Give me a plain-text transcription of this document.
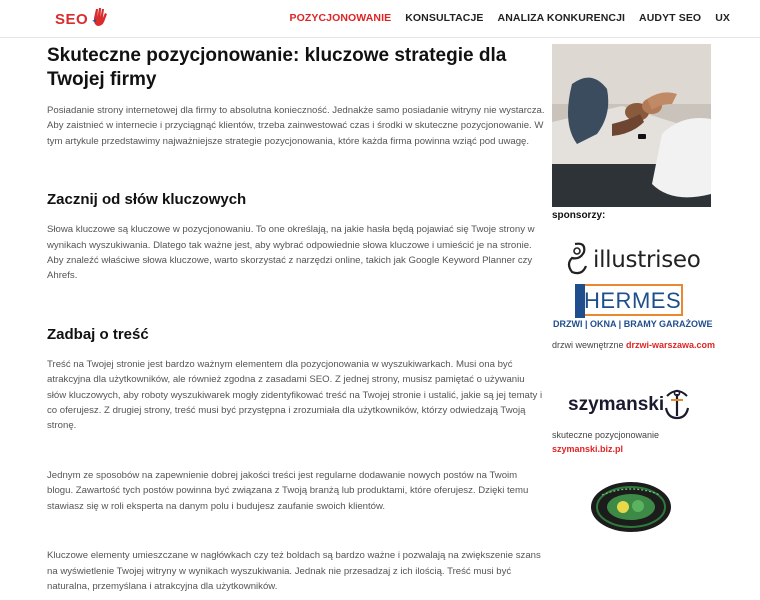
SEO	POZYCJONOWANIE KONSULTACJE ANALIZA KONKURENCJI AUDYT SEO UX
Skuteczne pozycjonowanie: kluczowe strategie dla Twojej firmy

Posiadanie strony internetowej dla firmy to absolutna konieczność. Jednakże samo posiadanie witryny nie wystarcza. Aby zaistnieć w internecie i przyciągnąć klientów, trzeba zainwestować czas i środki w skuteczne pozycjonowanie. W tym artykule przedstawimy najważniejsze strategie pozycjonowania, które każda firma powinna wziąć pod uwagę.

Zacznij od słów kluczowych

Słowa kluczowe są kluczowe w pozycjonowaniu. To one określają, na jakie hasła będą pojawiać się Twoje strony w wynikach wyszukiwania. Dlatego tak ważne jest, aby wybrać odpowiednie słowa kluczowe i umieścić je na stronie. Aby znaleźć właściwe słowa kluczowe, warto skorzystać z narzędzi online, takich jak Google Keyword Planner czy Ahrefs.

Zadbaj o treść

Treść na Twojej stronie jest bardzo ważnym elementem dla pozycjonowania w wyszukiwarkach. Musi ona być atrakcyjna dla użytkowników, ale również zgodna z zasadami SEO. Z jednej strony, musisz pamiętać o używaniu słów kluczowych, aby roboty wyszukiwarek mogły zidentyfikować treść na Twojej stronie i ustalić, jakie są jej tematy i co oferujesz. Z drugiej strony, treść musi być przystępna i zrozumiała dla użytkowników, którzy odwiedzają Twoją stronę.

Jednym ze sposobów na zapewnienie dobrej jakości treści jest regularne dodawanie nowych postów na Twoim blogu. Zawartość tych postów powinna być związana z Twoją branżą lub produktami, które oferujesz. Dzięki temu stawiasz się w roli eksperta na danym polu i budujesz zaufanie swoich klientów.

Kluczowe elementy umieszczane w nagłówkach czy też boldach są bardzo ważne i pozwalają na zwiększenie szans na wyświetlenie Twojej witryny w wynikach wyszukiwania. Jednak nie przesadzaj z ich ilością. Treść musi być naturalna, przemyślana i atrakcyjna dla użytkowników.

sponsorzy:
illustriseo
HERMES
DRZWI | OKNA | BRAMY GARAŻOWE
drzwi wewnętrzne drzwi-warszawa.com
szymanski
skuteczne pozycjonowanie
szymanski.biz.pl
